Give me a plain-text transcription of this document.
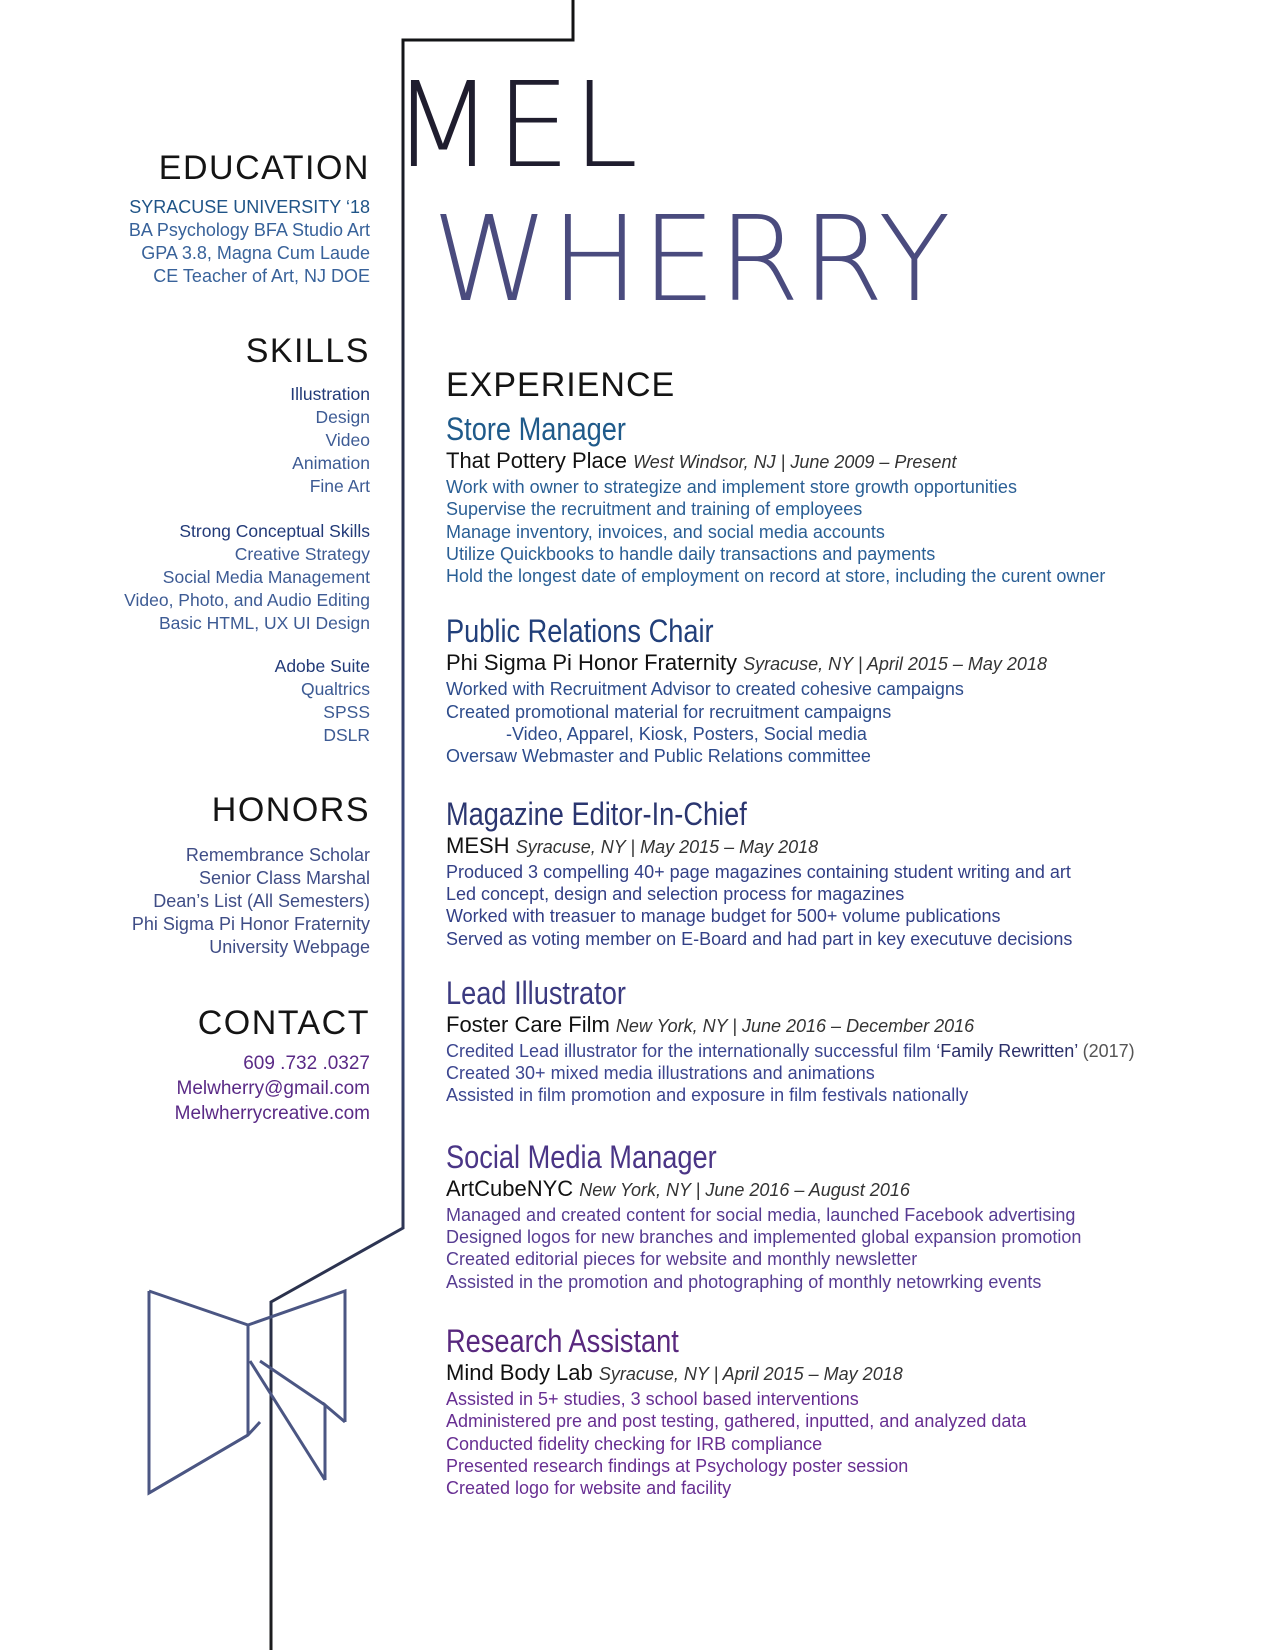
MEL
WHERRY
EDUCATION
SYRACUSE UNIVERSITY ‘18
BA Psychology BFA Studio Art
GPA 3.8, Magna Cum Laude
CE Teacher of Art, NJ DOE
SKILLS
Illustration
Design
Video
Animation
Fine Art
Strong Conceptual Skills
Creative Strategy
Social Media Management
Video, Photo, and Audio Editing
Basic HTML, UX UI Design
Adobe Suite
Qualtrics
SPSS
DSLR
HONORS
Remembrance Scholar
Senior Class Marshal
Dean’s List (All Semesters)
Phi Sigma Pi Honor Fraternity
University Webpage
CONTACT
609 .732 .0327
Melwherry@gmail.com
Melwherrycreative.com
EXPERIENCE
Store Manager
That Pottery Place West Windsor, NJ | June 2009 – Present
Work with owner to strategize and implement store growth opportunities
Supervise the recruitment and training of employees
Manage inventory, invoices, and social media accounts
Utilize Quickbooks to handle daily transactions and payments
Hold the longest date of employment on record at store, including the curent owner
Public Relations Chair
Phi Sigma Pi Honor Fraternity Syracuse, NY | April 2015 – May 2018
Worked with Recruitment Advisor to created cohesive campaigns
Created promotional material for recruitment campaigns
-Video, Apparel, Kiosk, Posters, Social media
Oversaw Webmaster and Public Relations committee
Magazine Editor-In-Chief
MESH Syracuse, NY | May 2015 – May 2018
Produced 3 compelling 40+ page magazines containing student writing and art
Led concept, design and selection process for magazines
Worked with treasuer to manage budget for 500+ volume publications
Served as voting member on E-Board and had part in key executuve decisions
Lead Illustrator
Foster Care Film New York, NY | June 2016 – December 2016
Credited Lead illustrator for the internationally successful film ‘Family Rewritten’ (2017)
Created 30+ mixed media illustrations and animations
Assisted in film promotion and exposure in film festivals nationally
Social Media Manager
ArtCubeNYC New York, NY | June 2016 – August 2016
Managed and created content for social media, launched Facebook advertising
Designed logos for new branches and implemented global expansion promotion
Created editorial pieces for website and monthly newsletter
Assisted in the promotion and photographing of monthly netowrking events
Research Assistant
Mind Body Lab Syracuse, NY | April 2015 – May 2018
Assisted in 5+ studies, 3 school based interventions
Administered pre and post testing, gathered, inputted, and analyzed data
Conducted fidelity checking for IRB compliance
Presented research findings at Psychology poster session
Created logo for website and facility
